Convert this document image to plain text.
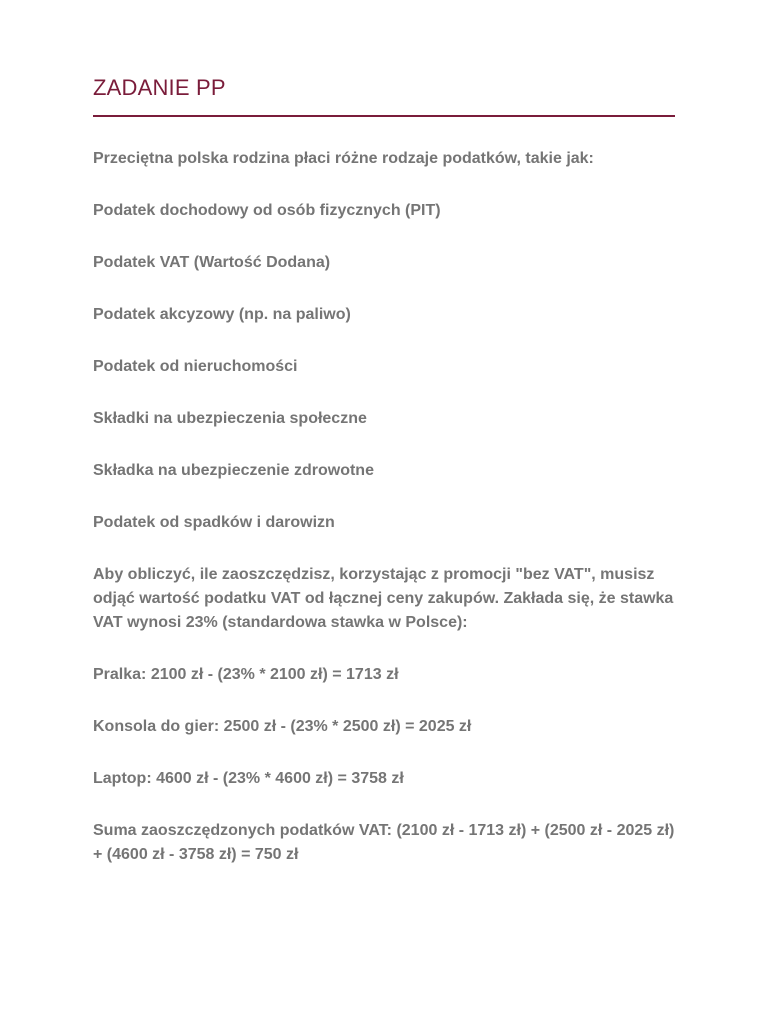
ZADANIE PP

Przeciętna polska rodzina płaci różne rodzaje podatków, takie jak:

Podatek dochodowy od osób fizycznych (PIT)

Podatek VAT (Wartość Dodana)

Podatek akcyzowy (np. na paliwo)

Podatek od nieruchomości

Składki na ubezpieczenia społeczne

Składka na ubezpieczenie zdrowotne

Podatek od spadków i darowizn

Aby obliczyć, ile zaoszczędzisz, korzystając z promocji "bez VAT", musisz odjąć wartość podatku VAT od łącznej ceny zakupów. Zakłada się, że stawka VAT wynosi 23% (standardowa stawka w Polsce):

Pralka: 2100 zł - (23% * 2100 zł) = 1713 zł

Konsola do gier: 2500 zł - (23% * 2500 zł) = 2025 zł

Laptop: 4600 zł - (23% * 4600 zł) = 3758 zł

Suma zaoszczędzonych podatków VAT: (2100 zł - 1713 zł) + (2500 zł - 2025 zł) + (4600 zł - 3758 zł) = 750 zł
